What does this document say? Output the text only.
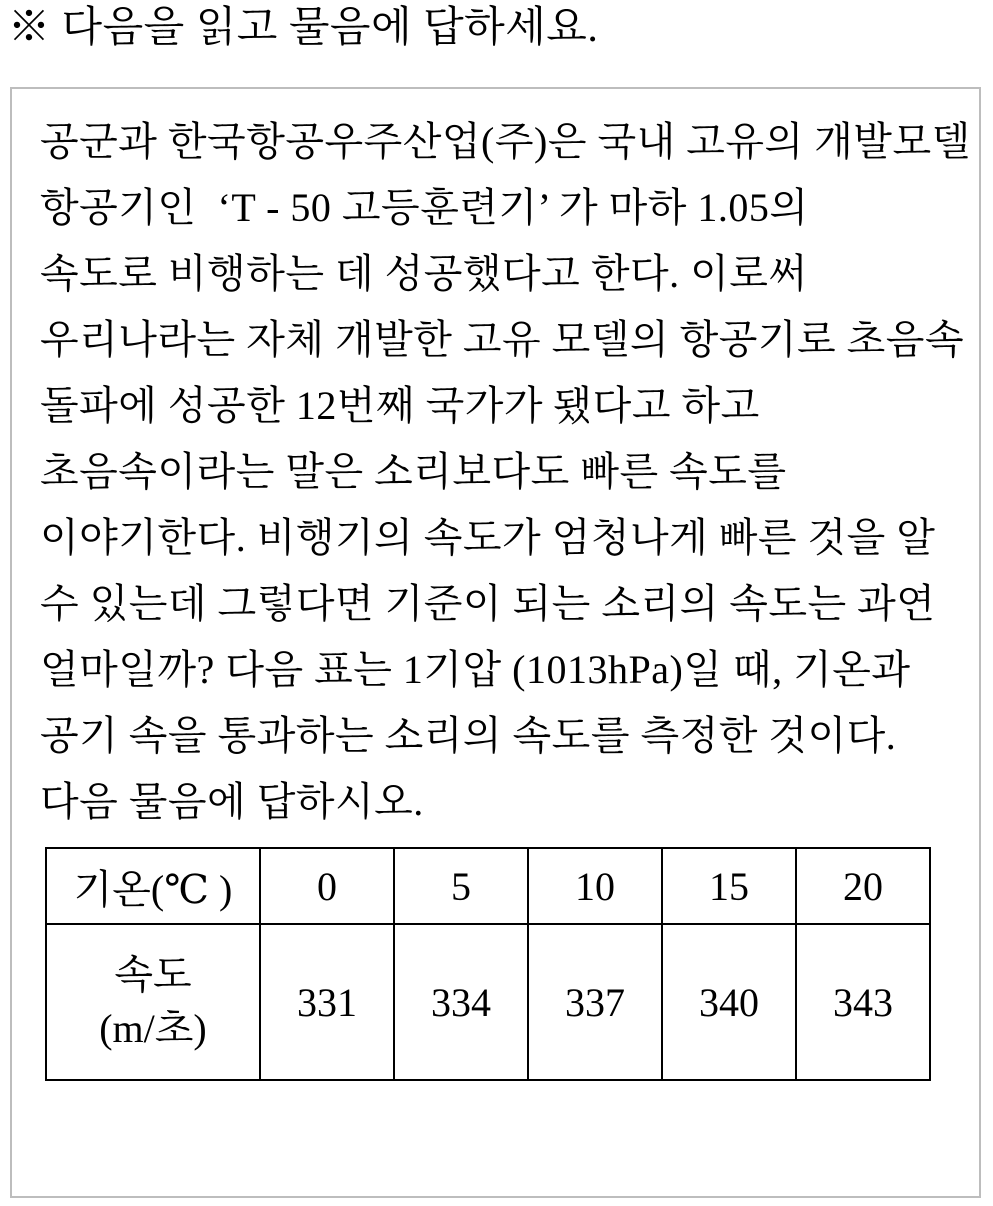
※ 다음을 읽고 물음에 답하세요.
공군과 한국항공우주산업(주)은 국내 고유의 개발모델
항공기인  ‘T - 50 고등훈련기’ 가 마하 1.05의
속도로 비행하는 데 성공했다고 한다. 이로써
우리나라는 자체 개발한 고유 모델의 항공기로 초음속
돌파에 성공한 12번째 국가가 됐다고 하고
초음속이라는 말은 소리보다도 빠른 속도를
이야기한다. 비행기의 속도가 엄청나게 빠른 것을 알
수 있는데 그렇다면 기준이 되는 소리의 속도는 과연
얼마일까? 다음 표는 1기압 (1013hPa)일 때, 기온과
공기 속을 통과하는 소리의 속도를 측정한 것이다.
다음 물음에 답하시오.
기온(℃ )	0	5	10	15	20

속도
(m/초)	331	334	337	340	343
